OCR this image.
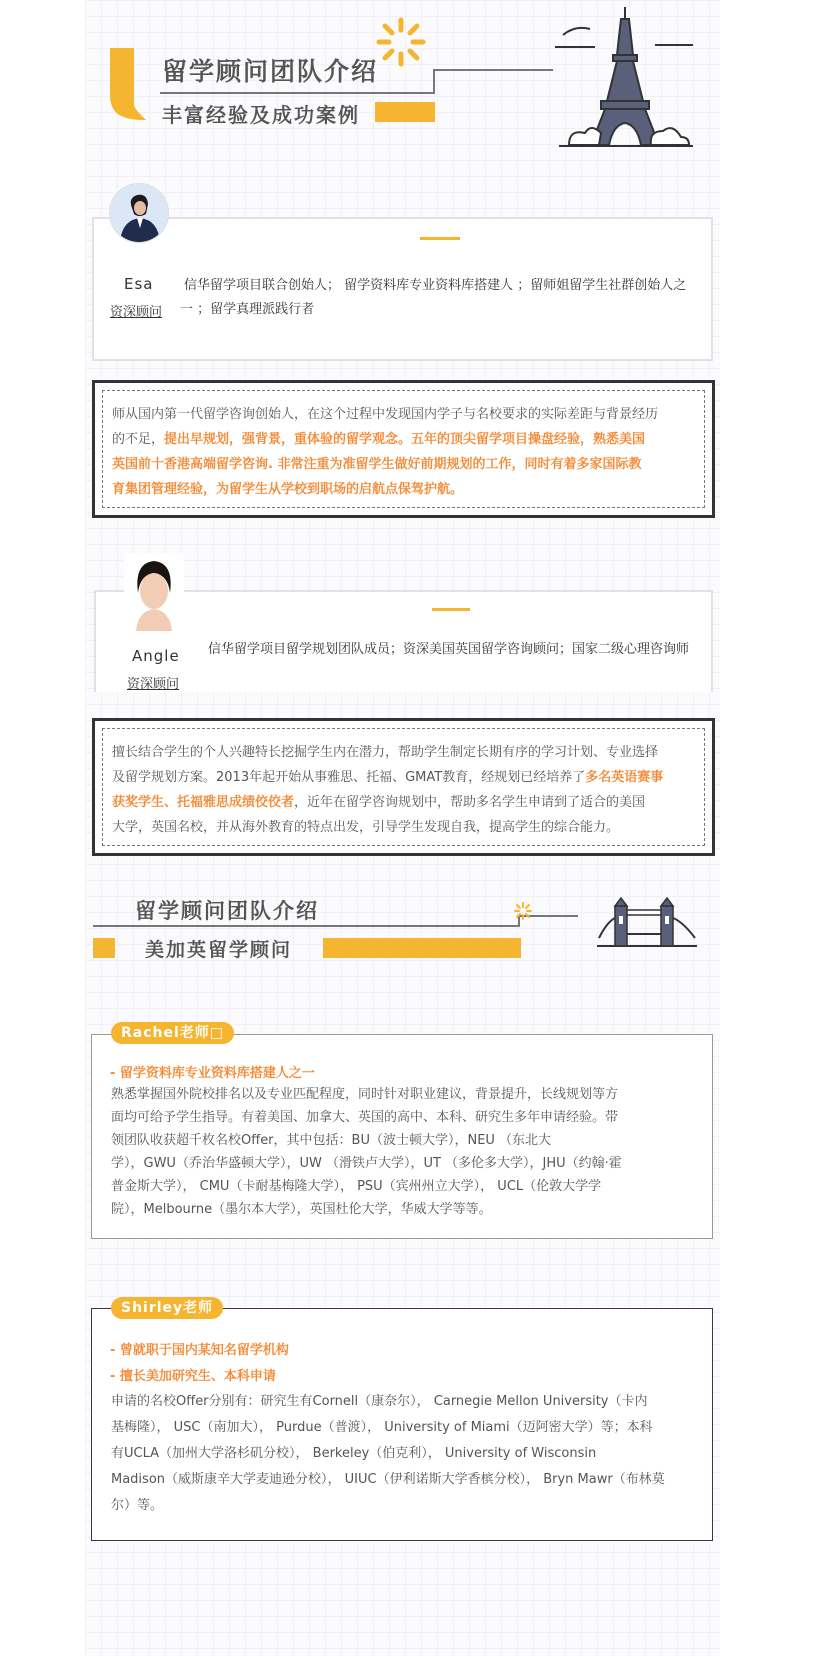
留学顾问团队介绍
丰富经验及成功案例
Esa
资深顾问
信华留学项目联合创始人； 留学资料库专业资料库搭建人 ；留师姐留学生社群创始人之
一 ；留学真理派践行者
师从国内第一代留学咨询创始人，在这个过程中发现国内学子与名校要求的实际差距与背景经历
的不足，提出早规划，强背景，重体验的留学观念。五年的顶尖留学项目操盘经验，熟悉美国
英国前十香港高端留学咨询. 非常注重为准留学生做好前期规划的工作，同时有着多家国际教
育集团管理经验，为留学生从学校到职场的启航点保驾护航。
Angle
资深顾问
信华留学项目留学规划团队成员；资深美国英国留学咨询顾问；国家二级心理咨询师
擅长结合学生的个人兴趣特长挖掘学生内在潜力，帮助学生制定长期有序的学习计划、专业选择
及留学规划方案。2013年起开始从事雅思、托福、GMAT教育，经规划已经培养了多名英语赛事
获奖学生、托福雅思成绩佼佼者，近年在留学咨询规划中，帮助多名学生申请到了适合的美国
大学，英国名校，并从海外教育的特点出发，引导学生发现自我，提高学生的综合能力。
留学顾问团队介绍
美加英留学顾问
Rachel老师□
- 留学资料库专业资料库搭建人之一
熟悉掌握国外院校排名以及专业匹配程度，同时针对职业建议，背景提升，长线规划等方
面均可给予学生指导。有着美国、加拿大、英国的高中、本科、研究生多年申请经验。带
领团队收获超千枚名校Offer，其中包括：BU（波士顿大学），NEU （东北大
学），GWU（乔治华盛顿大学），UW （滑铁卢大学），UT （多伦多大学），JHU（约翰·霍
普金斯大学）， CMU（卡耐基梅隆大学）， PSU（宾州州立大学）， UCL（伦敦大学学
院），Melbourne（墨尔本大学），英国杜伦大学，华威大学等等。
Shirley老师
- 曾就职于国内某知名留学机构
- 擅长美加研究生、本科申请
申请的名校Offer分别有：研究生有Cornell（康奈尔）， Carnegie Mellon University（卡内
基梅隆）， USC（南加大）， Purdue（普渡）， University of Miami（迈阿密大学）等；本科
有UCLA（加州大学洛杉矶分校）， Berkeley（伯克利）， University of Wisconsin
Madison（威斯康辛大学麦迪逊分校）， UIUC（伊利诺斯大学香槟分校）， Bryn Mawr（布林莫
尔）等。
